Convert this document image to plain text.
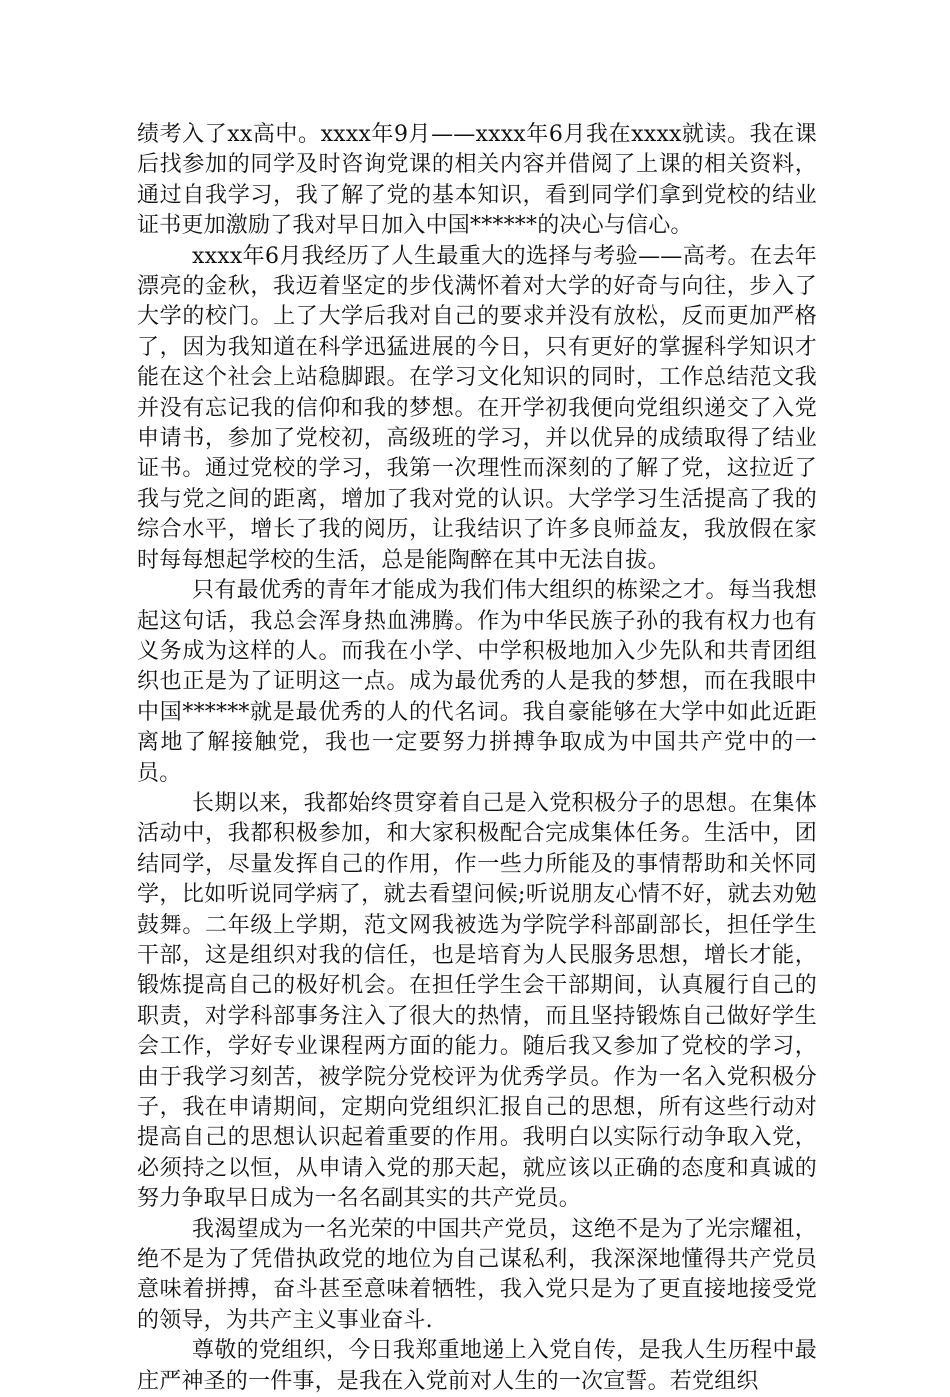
绩考入了xx高中。xxxx年9月——xxxx年6月我在xxxx就读。我在课后找参加的同学及时咨询党课的相关内容并借阅了上课的相关资料，通过自我学习，我了解了党的基本知识，看到同学们拿到党校的结业证书更加激励了我对早日加入中国******的决心与信心。

xxxx年6月我经历了人生最重大的选择与考验——高考。在去年漂亮的金秋，我迈着坚定的步伐满怀着对大学的好奇与向往，步入了大学的校门。上了大学后我对自己的要求并没有放松，反而更加严格了，因为我知道在科学迅猛进展的今日，只有更好的掌握科学知识才能在这个社会上站稳脚跟。在学习文化知识的同时，工作总结范文我并没有忘记我的信仰和我的梦想。在开学初我便向党组织递交了入党申请书，参加了党校初，高级班的学习，并以优异的成绩取得了结业证书。通过党校的学习，我第一次理性而深刻的了解了党，这拉近了我与党之间的距离，增加了我对党的认识。大学学习生活提高了我的综合水平，增长了我的阅历，让我结识了许多良师益友，我放假在家时每每想起学校的生活，总是能陶醉在其中无法自拔。

只有最优秀的青年才能成为我们伟大组织的栋梁之才。每当我想起这句话，我总会浑身热血沸腾。作为中华民族子孙的我有权力也有义务成为这样的人。而我在小学、中学积极地加入少先队和共青团组织也正是为了证明这一点。成为最优秀的人是我的梦想，而在我眼中中国******就是最优秀的人的代名词。我自豪能够在大学中如此近距离地了解接触党，我也一定要努力拼搏争取成为中国共产党中的一员。

长期以来，我都始终贯穿着自己是入党积极分子的思想。在集体活动中，我都积极参加，和大家积极配合完成集体任务。生活中，团结同学，尽量发挥自己的作用，作一些力所能及的事情帮助和关怀同学，比如听说同学病了，就去看望问候;听说朋友心情不好，就去劝勉鼓舞。二年级上学期，范文网我被选为学院学科部副部长，担任学生干部，这是组织对我的信任，也是培育为人民服务思想，增长才能，锻炼提高自己的极好机会。在担任学生会干部期间，认真履行自己的职责，对学科部事务注入了很大的热情，而且坚持锻炼自己做好学生会工作，学好专业课程两方面的能力。随后我又参加了党校的学习，由于我学习刻苦，被学院分党校评为优秀学员。作为一名入党积极分子，我在申请期间，定期向党组织汇报自己的思想，所有这些行动对提高自己的思想认识起着重要的作用。我明白以实际行动争取入党，必须持之以恒，从申请入党的那天起，就应该以正确的态度和真诚的努力争取早日成为一名名副其实的共产党员。

我渴望成为一名光荣的中国共产党员，这绝不是为了光宗耀祖，绝不是为了凭借执政党的地位为自己谋私利，我深深地懂得共产党员意味着拼搏，奋斗甚至意味着牺牲，我入党只是为了更直接地接受党的领导，为共产主义事业奋斗.

尊敬的党组织，今日我郑重地递上入党自传，是我人生历程中最庄严神圣的一件事，是我在入党前对人生的一次宣誓。若党组织
